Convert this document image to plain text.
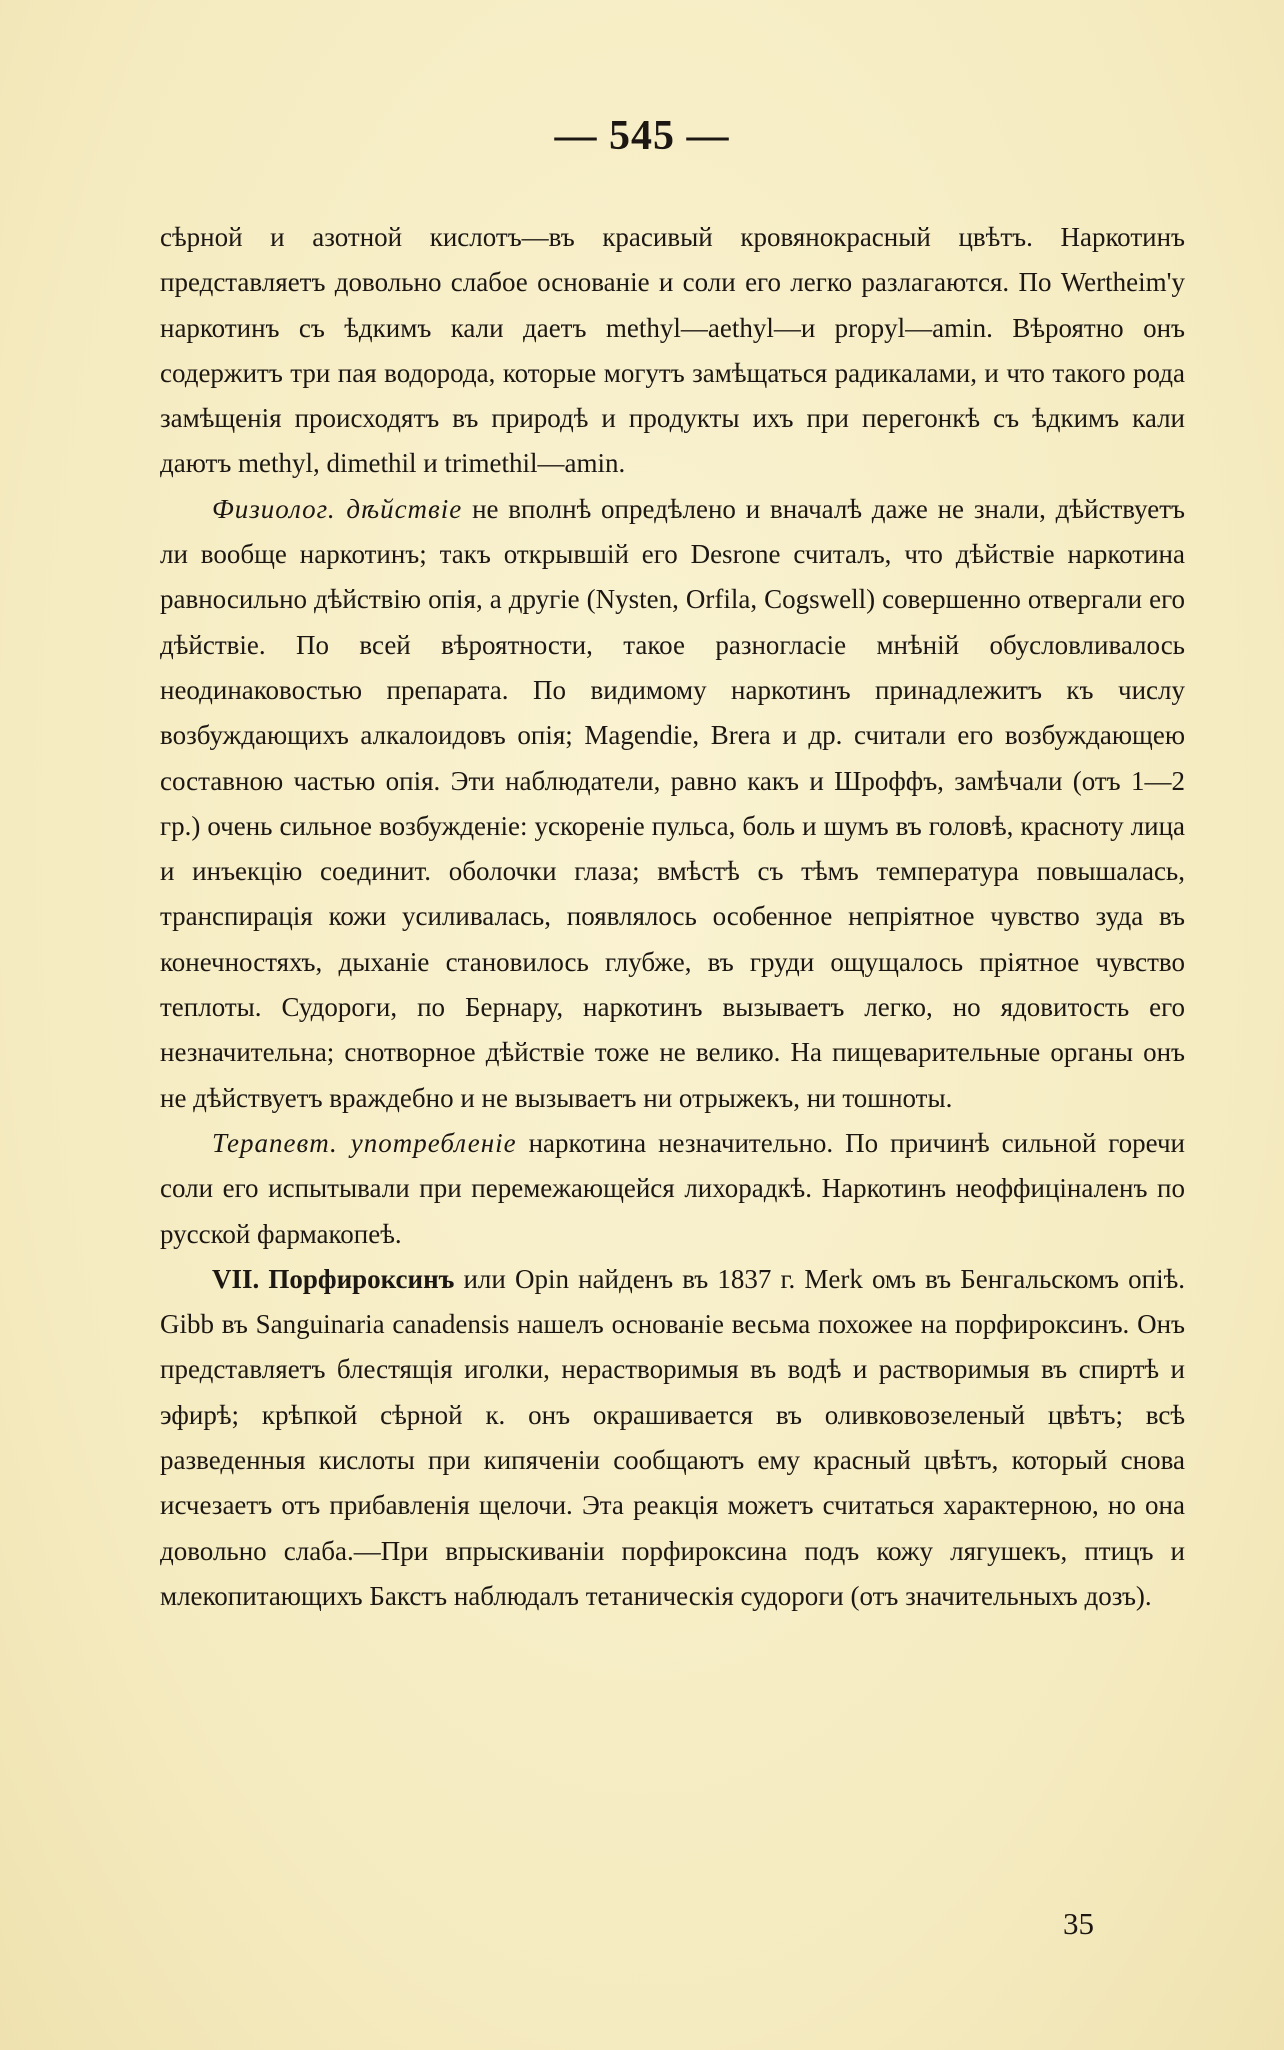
— 545 —

сѣрной и азотной кислотъ—въ красивый кровянокрасный цвѣтъ. Наркотинъ представляетъ довольно слабое основаніе и соли его легко разлагаются. По Wertheim'у наркотинъ съ ѣдкимъ кали даетъ methyl—aethyl—и propyl—amin. Вѣроятно онъ содержитъ три пая водорода, которые могутъ замѣщаться радикалами, и что такого рода замѣщенія происходятъ въ природѣ и продукты ихъ при перегонкѣ съ ѣдкимъ кали даютъ methyl, dimethil и trimethil—amin.

Физиолог. дѣйствіе не вполнѣ опредѣлено и вначалѣ даже не знали, дѣйствуетъ ли вообще наркотинъ; такъ открывшій его Desrone считалъ, что дѣйствіе наркотина равносильно дѣйствію опія, а другіе (Nysten, Orfila, Cogswell) совершенно отвергали его дѣйствіе. По всей вѣроятности, такое разногласіе мнѣній обусловливалось неодинаковостью препарата. По видимому наркотинъ принадлежитъ къ числу возбуждающихъ алкалоидовъ опія; Magendie, Brera и др. считали его возбуждающею составною частью опія. Эти наблюдатели, равно какъ и Шроффъ, замѣчали (отъ 1—2 гр.) очень сильное возбужденіе: ускореніе пульса, боль и шумъ въ головѣ, красноту лица и инъекцію соединит. оболочки глаза; вмѣстѣ съ тѣмъ температура повышалась, транспирація кожи усиливалась, появлялось особенное непріятное чувство зуда въ конечностяхъ, дыханіе становилось глубже, въ груди ощущалось пріятное чувство теплоты. Судороги, по Бернару, наркотинъ вызываетъ легко, но ядовитость его незначительна; снотворное дѣйствіе тоже не велико. На пищеварительные органы онъ не дѣйствуетъ враждебно и не вызываетъ ни отрыжекъ, ни тошноты.

Терапевт. употребленіе наркотина незначительно. По причинѣ сильной горечи соли его испытывали при перемежающейся лихорадкѣ. Наркотинъ неоффиціналенъ по русской фармакопеѣ.

VII. Порфироксинъ или Opin найденъ въ 1837 г. Merk омъ въ Бенгальскомъ опіѣ. Gibb въ Sanguinaria canadensis нашелъ основаніе весьма похожее на порфироксинъ. Онъ представляетъ блестящія иголки, нерастворимыя въ водѣ и растворимыя въ спиртѣ и эфирѣ; крѣпкой сѣрной к. онъ окрашивается въ оливковозеленый цвѣтъ; всѣ разведенныя кислоты при кипяченіи сообщаютъ ему красный цвѣтъ, который снова исчезаетъ отъ прибавленія щелочи. Эта реакція можетъ считаться характерною, но она довольно слаба.—При впрыскиваніи порфироксина подъ кожу лягушекъ, птицъ и млекопитающихъ Бакстъ наблюдалъ тетаническія судороги (отъ значительныхъ дозъ).

35
